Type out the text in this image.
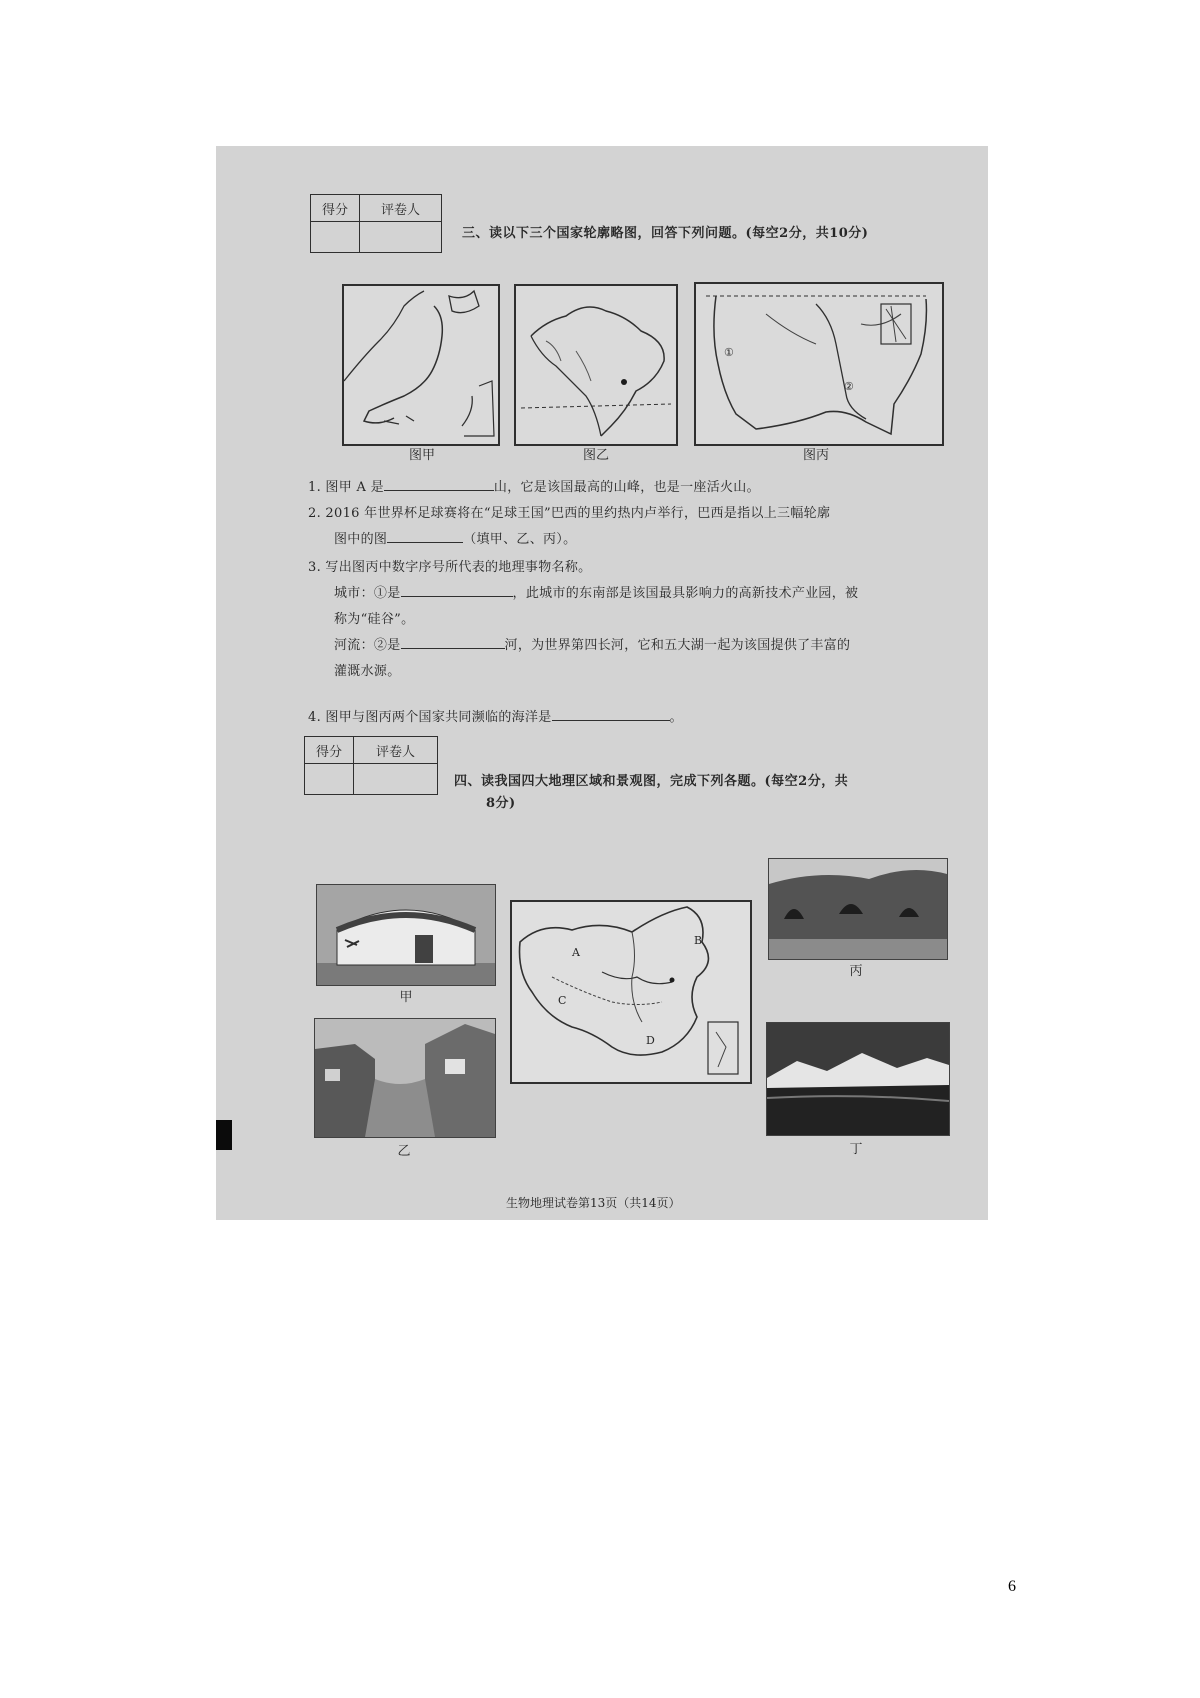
得分	评卷人

三、读以下三个国家轮廓略图，回答下列问题。(每空2分，共10分)
图甲	图乙
①
②
图丙
1. 图甲 A 是	山，它是该国最高的山峰，也是一座活火山。
2. 2016 年世界杯足球赛将在“足球王国”巴西的里约热内卢举行，巴西是指以上三幅轮廓
图中的图	（填甲、乙、丙）。
3. 写出图丙中数字序号所代表的地理事物名称。
城市：①是	，此城市的东南部是该国最具影响力的高新技术产业园，被
称为“硅谷”。
河流：②是	河，为世界第四长河，它和五大湖一起为该国提供了丰富的
灌溉水源。
4. 图甲与图丙两个国家共同濒临的海洋是	。
得分	评卷人

四、读我国四大地理区域和景观图，完成下列各题。(每空2分，共
8分)
甲
乙
A
B
C
D
丙
丁
生物地理试卷第13页（共14页）
6
